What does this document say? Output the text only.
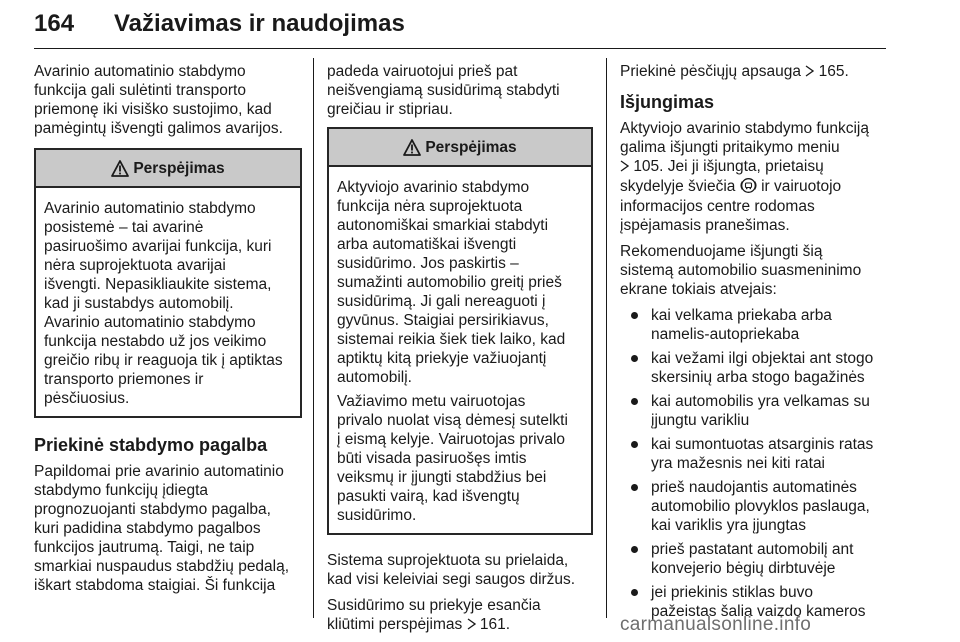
164 Važiavimas ir naudojimas

Avarinio automatinio stabdymo
funkcija gali sulėtinti transporto
priemonę iki visiško sustojimo, kad
pamėgintų išvengti galimos avarijos.

Perspėjimas
Avarinio automatinio stabdymo
posistemė – tai avarinė
pasiruošimo avarijai funkcija, kuri
nėra suprojektuota avarijai
išvengti. Nepasikliaukite sistema,
kad ji sustabdys automobilį.
Avarinio automatinio stabdymo
funkcija nestabdo už jos veikimo
greičio ribų ir reaguoja tik į aptiktas
transporto priemones ir
pėsčiuosius.
Priekinė stabdymo pagalba

Papildomai prie avarinio automatinio
stabdymo funkcijų įdiegta
prognozuojanti stabdymo pagalba,
kuri padidina stabdymo pagalbos
funkcijos jautrumą. Taigi, ne taip
smarkiai nuspaudus stabdžių pedalą,
iškart stabdoma staigiai. Ši funkcija

padeda vairuotojui prieš pat
neišvengiamą susidūrimą stabdyti
greičiau ir stipriau.

Perspėjimas

Aktyviojo avarinio stabdymo
funkcija nėra suprojektuota
autonomiškai smarkiai stabdyti
arba automatiškai išvengti
susidūrimo. Jos paskirtis –
sumažinti automobilio greitį prieš
susidūrimą. Ji gali nereaguoti į
gyvūnus. Staigiai persirikiavus,
sistemai reikia šiek tiek laiko, kad
aptiktų kitą priekyje važiuojantį
automobilį.

Važiavimo metu vairuotojas
privalo nuolat visą dėmesį sutelkti
į eismą kelyje. Vairuotojas privalo
būti visada pasiruošęs imtis
veiksmų ir įjungti stabdžius bei
pasukti vairą, kad išvengtų
susidūrimo.

Sistema suprojektuota su prielaida,
kad visi keleiviai segi saugos diržus.

Susidūrimo su priekyje esančia
kliūtimi perspėjimas 161.

Priekinė pėsčiųjų apsauga 165.

Išjungimas

Aktyviojo avarinio stabdymo funkciją
galima išjungti pritaikymo meniu
105. Jei ji išjungta, prietaisų
skydelyje šviečia ir vairuotojo
informacijos centre rodomas
įspėjamasis pranešimas.

Rekomenduojame išjungti šią
sistemą automobilio suasmeninimo
ekrane tokiais atvejais:

kai velkama priekaba arba
namelis-autopriekaba
kai vežami ilgi objektai ant stogo
skersinių arba stogo bagažinės
kai automobilis yra velkamas su
įjungtu varikliu
kai sumontuotas atsarginis ratas
yra mažesnis nei kiti ratai
prieš naudojantis automatinės
automobilio plovyklos paslauga,
kai variklis yra įjungtas
prieš pastatant automobilį ant
konvejerio bėgių dirbtuvėje
jei priekinis stiklas buvo
pažeistas šalia vaizdo kameros
carmanualsonline.info
